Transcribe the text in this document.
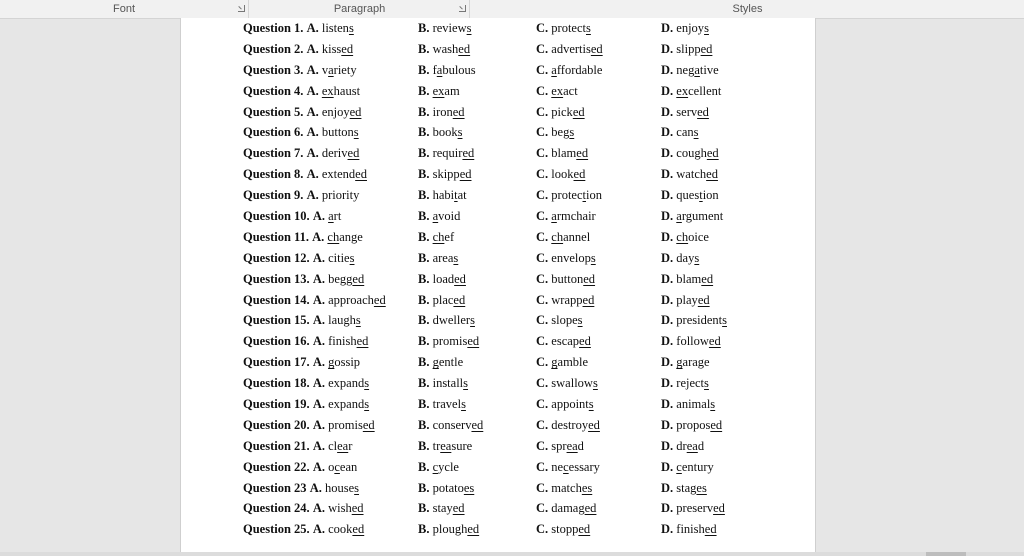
Font	Paragraph	Styles
Question 1. A. listens	B. reviews	C. protects	D. enjoys
Question 2. A. kissed	B. washed	C. advertised	D. slipped
Question 3. A. variety	B. fabulous	C. affordable	D. negative
Question 4. A. exhaust	B. exam	C. exact	D. excellent
Question 5. A. enjoyed	B. ironed	C. picked	D. served
Question 6. A. buttons	B. books	C. begs	D. cans
Question 7. A. derived	B. required	C. blamed	D. coughed
Question 8. A. extended	B. skipped	C. looked	D. watched
Question 9. A. priority	B. habitat	C. protection	D. question
Question 10. A. art	B. avoid	C. armchair	D. argument
Question 11. A. change	B. chef	C. channel	D. choice
Question 12. A. cities	B. areas	C. envelops	D. days
Question 13. A. begged	B. loaded	C. buttoned	D. blamed
Question 14. A. approached	B. placed	C. wrapped	D. played
Question 15. A. laughs	B. dwellers	C. slopes	D. presidents
Question 16. A. finished	B. promised	C. escaped	D. followed
Question 17. A. gossip	B. gentle	C. gamble	D. garage
Question 18. A. expands	B. installs	C. swallows	D. rejects
Question 19. A. expands	B. travels	C. appoints	D. animals
Question 20. A. promised	B. conserved	C. destroyed	D. proposed
Question 21. A. clear	B. treasure	C. spread	D. dread
Question 22. A. ocean	B. cycle	C. necessary	D. century
Question 23 A. houses	B. potatoes	C. matches	D. stages
Question 24. A. wished	B. stayed	C. damaged	D. preserved
Question 25. A. cooked	B. ploughed	C. stopped	D. finished
